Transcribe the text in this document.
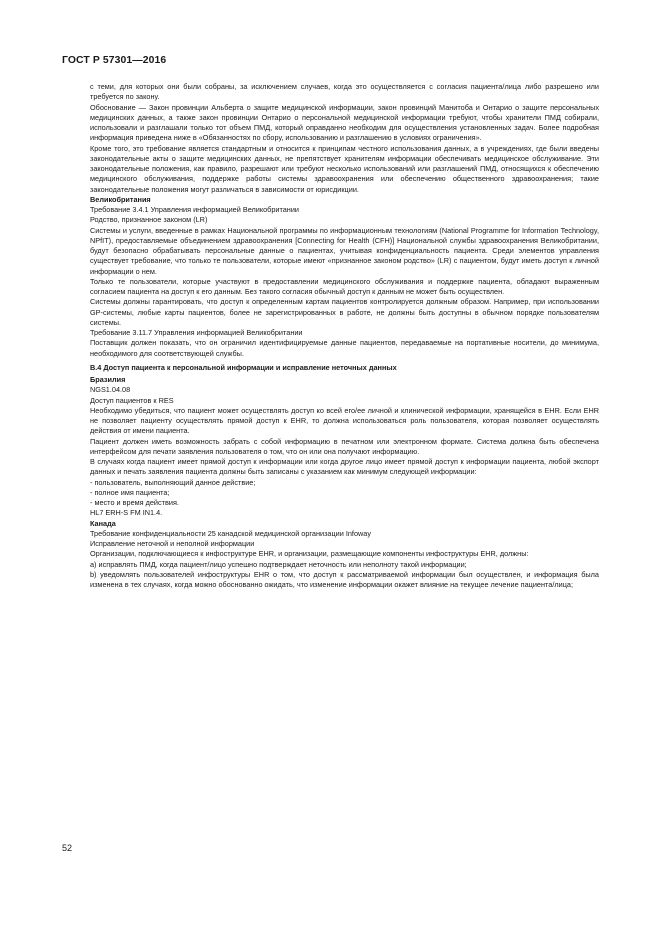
ГОСТ Р 57301—2016

с теми, для которых они были собраны, за исключением случаев, когда это осуществляется с согласия пациента/лица либо разрешено или требуется по закону.

Обоснование — Закон провинции Альберта о защите медицинской информации, закон провинций Манитоба и Онтарио о защите персональных медицинских данных, а также закон провинции Онтарио о персональной медицинской информации требуют, чтобы хранители ПМД собирали, использовали и разглашали только тот объем ПМД, который оправданно необходим для осуществления установленных задач. Более подробная информация приведена ниже в «Обязанностях по сбору, использованию и разглашению в условиях ограничения».

Кроме того, это требование является стандартным и относится к принципам честного использования данных, а в учреждениях, где были введены законодательные акты о защите медицинских данных, не препятствует хранителям информации обеспечивать медицинское обслуживание. Эти законодательные положения, как правило, разрешают или требуют несколько использований или разглашений ПМД, относящихся к обеспечению медицинского обслуживания, поддержке работы системы здравоохранения или обеспечению общественного здравоохранения; такие законодательные положения могут различаться в зависимости от юрисдикции.

Великобритания

Требование 3.4.1 Управления информацией Великобритании

Родство, признанное законом (LR)

Системы и услуги, введенные в рамках Национальной программы по информационным технологиям (National Programme for Information Technology, NPfIT), предоставляемые объединением здравоохранения [Connecting for Health (CFH)] Национальной службы здравоохранения Великобритании, будут безопасно обрабатывать персональные данные о пациентах, учитывая конфиденциальность пациента. Среди элементов управления существует требование, что только те пользователи, которые имеют «признанное законом родство» (LR) с пациентом, будут иметь доступ к личной информации о нем.

Только те пользователи, которые участвуют в предоставлении медицинского обслуживания и поддержке пациента, обладают выраженным согласием пациента на доступ к его данным. Без такого согласия обычный доступ к данным не может быть осуществлен.

Системы должны гарантировать, что доступ к определенным картам пациентов контролируется должным образом. Например, при использовании GP-системы, любые карты пациентов, более не зарегистрированных в работе, не должны быть доступны в обычном порядке пользователям системы.

Требование 3.11.7 Управления информацией Великобритании

Поставщик должен показать, что он ограничил идентифицируемые данные пациентов, передаваемые на портативные носители, до минимума, необходимого для соответствующей службы.

В.4 Доступ пациента к персональной информации и исправление неточных данных

Бразилия

NGS1.04.08

Доступ пациентов к RES

Необходимо убедиться, что пациент может осуществлять доступ ко всей его/ее личной и клинической информации, хранящейся в EHR. Если EHR не позволяет пациенту осуществлять прямой доступ к EHR, то должна использоваться роль пользователя, которая позволяет осуществлять действия от имени пациента.

Пациент должен иметь возможность забрать с собой информацию в печатном или электронном формате. Система должна быть обеспечена интерфейсом для печати заявления пользователя о том, что он или она получают информацию.

В случаях когда пациент имеет прямой доступ к информации или когда другое лицо имеет прямой доступ к информации пациента, любой экспорт данных и печать заявления пациента должны быть записаны с указанием как минимум следующей информации:

- пользователь, выполняющий данное действие;

- полное имя пациента;

- место и время действия.

HL7 ERH-S FM IN1.4.

Канада

Требование конфиденциальности 25 канадской медицинской организации Infoway

Исправление неточной и неполной информации

Организации, подключающиеся к инфоструктуре EHR, и организации, размещающие компоненты инфоструктуры EHR, должны:

а) исправлять ПМД, когда пациент/лицо успешно подтверждает неточность или неполноту такой информации;

b) уведомлять пользователей инфоструктуры EHR о том, что доступ к рассматриваемой информации был осуществлен, и информация была изменена в тех случаях, когда можно обоснованно ожидать, что изменение информации окажет влияние на текущее лечение пациента/лица;

52
